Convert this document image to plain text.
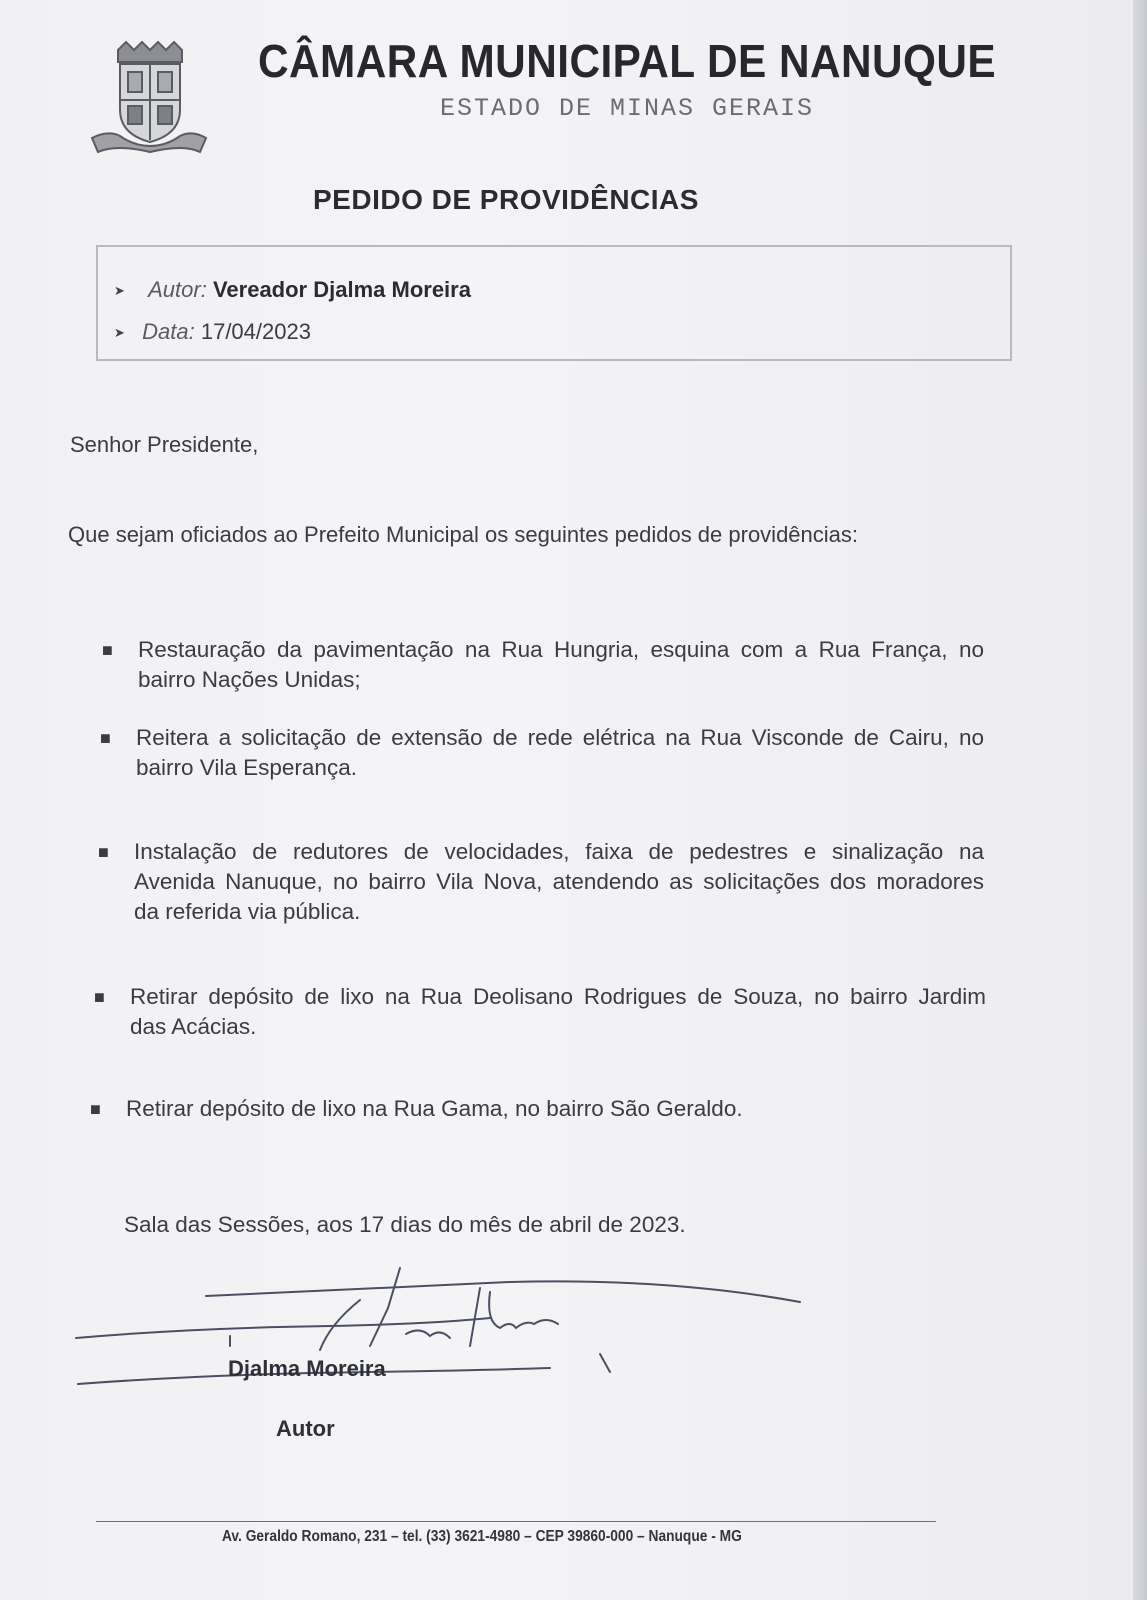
CÂMARA MUNICIPAL DE NANUQUE
ESTADO DE MINAS GERAIS
PEDIDO DE PROVIDÊNCIAS
➤ Autor: Vereador Djalma Moreira
➤ Data: 17/04/2023
Senhor Presidente,
Que sejam oficiados ao Prefeito Municipal os seguintes pedidos de providências:
■ Restauração da pavimentação na Rua Hungria, esquina com a Rua França, no
bairro Nações Unidas;
■ Reitera a solicitação de extensão de rede elétrica na Rua Visconde de Cairu, no
bairro Vila Esperança.
■ Instalação de redutores de velocidades, faixa de pedestres e sinalização na
Avenida Nanuque, no bairro Vila Nova, atendendo as solicitações dos moradores
da referida via pública.
■ Retirar depósito de lixo na Rua Deolisano Rodrigues de Souza, no bairro Jardim
das Acácias.
■ Retirar depósito de lixo na Rua Gama, no bairro São Geraldo.
Sala das Sessões, aos 17 dias do mês de abril de 2023.
Djalma Moreira
Autor
Av. Geraldo Romano, 231 – tel. (33) 3621-4980 – CEP 39860-000 – Nanuque - MG
